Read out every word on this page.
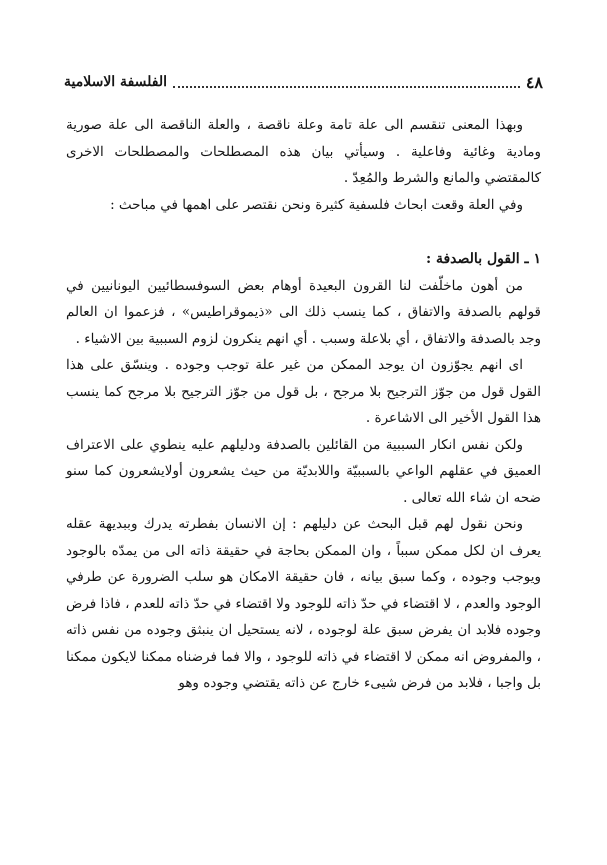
٤٨
الفلسفة الاسلامية

وبهذا المعنى تنقسم الى علة تامة وعلة ناقصة ، والعلة الناقصة الى علة صورية ومادية وغائية وفاعلية . وسيأتي بيان هذه المصطلحات والمصطلحات الاخرى كالمقتضي والمانع والشرط والمُعِدّ .

وفي العلة وقعت ابحاث فلسفية كثيرة ونحن نقتصر على اهمها في مباحث :

١ ـ القول بالصدفة :

من أهون ماخلّفت لنا القرون البعيدة أوهام بعض السوفسطائيين اليونانيين في قولهم بالصدفة والاتفاق ، كما ينسب ذلك الى «ذيموقراطيس» ، فزعموا ان العالم وجد بالصدفة والاتفاق ، أي بلاعلة وسبب . أي انهم ينكرون لزوم السببية بين الاشياء .

اى انهم يجوّزون ان يوجد الممكن من غير علة توجب وجوده . وينسّق على هذا القول قول من جوّز الترجيح بلا مرجح ، بل قول من جوّز الترجيح بلا مرجح كما ينسب هذا القول الأخير الى الاشاعرة .

ولكن نفس انكار السببية من القائلين بالصدفة ودليلهم عليه ينطوي على الاعتراف العميق في عقلهم الواعي بالسببيّة واللابديّة من حيث يشعرون أولايشعرون كما سنو ضحه ان شاء الله تعالى .

ونحن نقول لهم قبل البحث عن دليلهم : إن الانسان بفطرته يدرك وببديهة عقله يعرف ان لكل ممكن سبباً ، وان الممكن بحاجة في حقيقة ذاته الى من يمدّه بالوجود ويوجب وجوده ، وكما سبق بيانه ، فان حقيقة الامكان هو سلب الضرورة عن طرفي الوجود والعدم ، لا اقتضاء في حدّ ذاته للوجود ولا اقتضاء في حدّ ذاته للعدم ، فاذا فرض وجوده فلابد ان يفرض سبق علة لوجوده ، لانه يستحيل ان ينبثق وجوده من نفس ذاته ، والمفروض انه ممكن لا اقتضاء في ذاته للوجود ، والا فما فرضناه ممكنا لايكون ممكنا بل واجبا ، فلابد من فرض شيىء خارج عن ذاته يقتضي وجوده وهو
